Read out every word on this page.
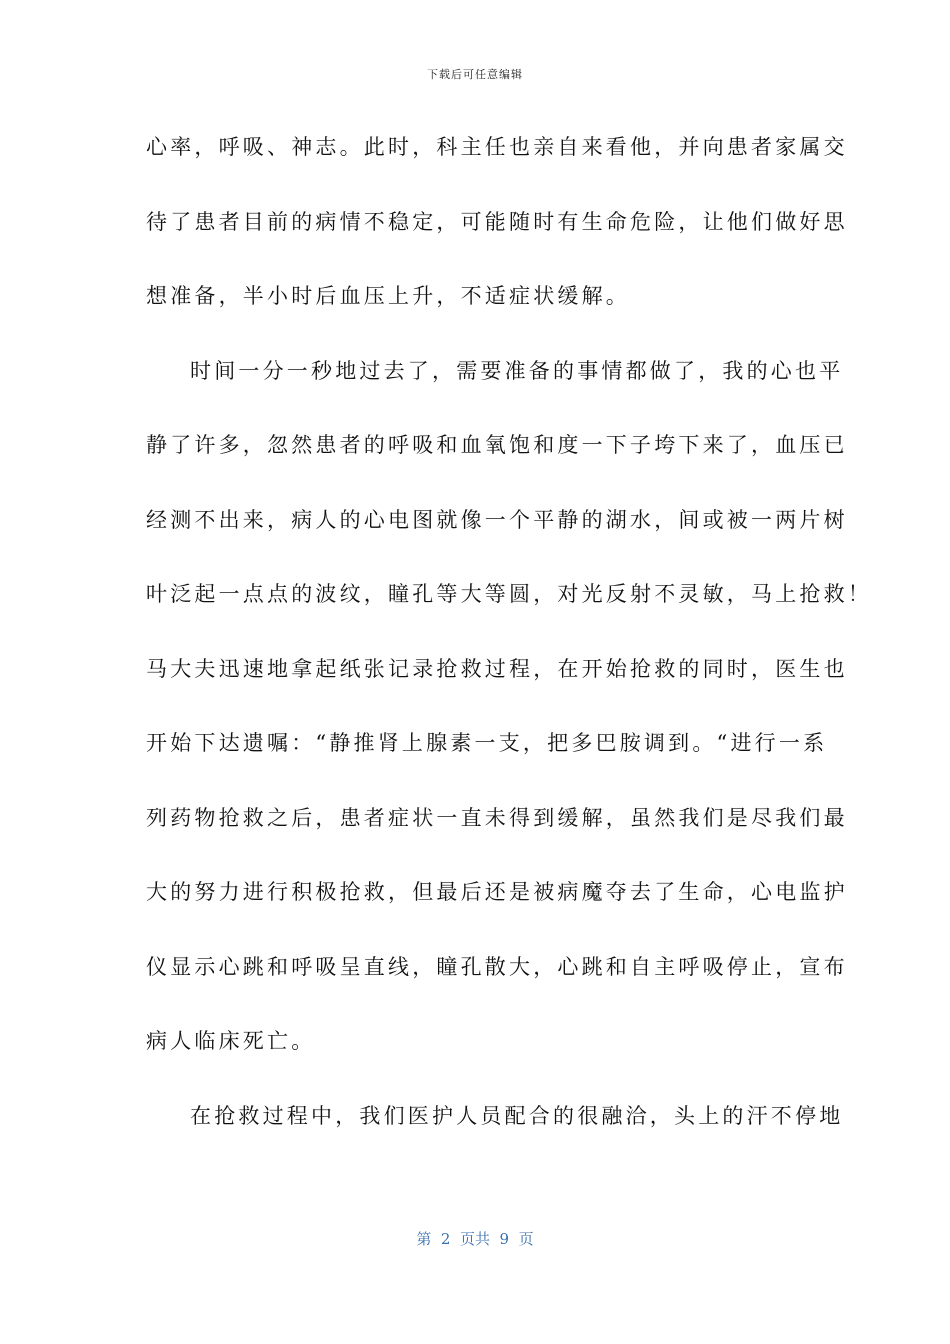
下载后可任意编辑
心率，呼吸、神志。此时，科主任也亲自来看他，并向患者家属交
待了患者目前的病情不稳定，可能随时有生命危险，让他们做好思
想准备，半小时后血压上升，不适症状缓解。
时间一分一秒地过去了，需要准备的事情都做了，我的心也平
静了许多，忽然患者的呼吸和血氧饱和度一下子垮下来了，血压已
经测不出来，病人的心电图就像一个平静的湖水，间或被一两片树
叶泛起一点点的波纹，瞳孔等大等圆，对光反射不灵敏，马上抢救！
马大夫迅速地拿起纸张记录抢救过程，在开始抢救的同时，医生也
开始下达遗嘱：“静推肾上腺素一支，把多巴胺调到。“进行一系
列药物抢救之后，患者症状一直未得到缓解，虽然我们是尽我们最
大的努力进行积极抢救，但最后还是被病魔夺去了生命，心电监护
仪显示心跳和呼吸呈直线，瞳孔散大，心跳和自主呼吸停止，宣布
病人临床死亡。
在抢救过程中，我们医护人员配合的很融洽，头上的汗不停地
第  2  页共  9  页
